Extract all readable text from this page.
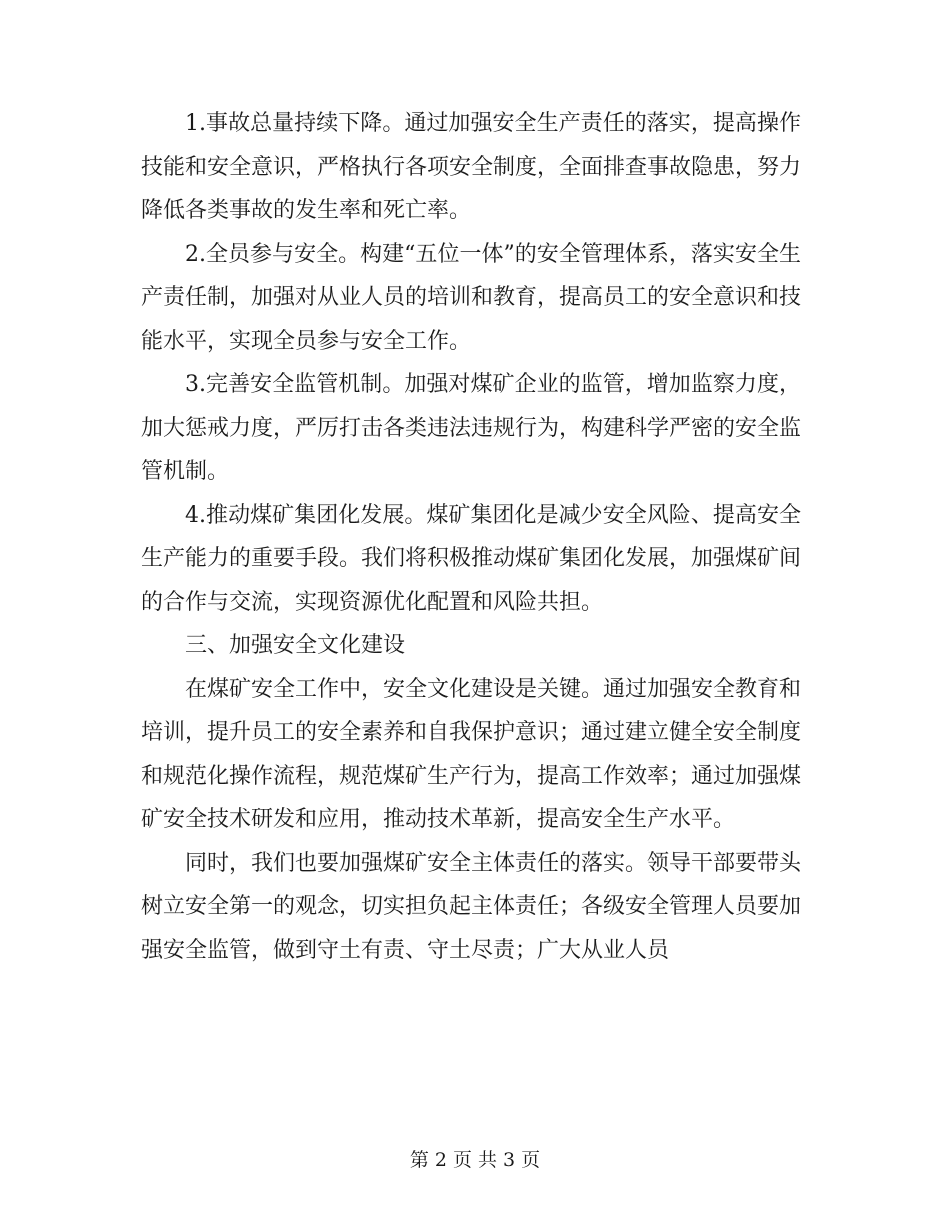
1.事故总量持续下降。通过加强安全生产责任的落实，提高操作技能和安全意识，严格执行各项安全制度，全面排查事故隐患，努力降低各类事故的发生率和死亡率。

2.全员参与安全。构建“五位一体”的安全管理体系，落实安全生产责任制，加强对从业人员的培训和教育，提高员工的安全意识和技能水平，实现全员参与安全工作。

3.完善安全监管机制。加强对煤矿企业的监管，增加监察力度，加大惩戒力度，严厉打击各类违法违规行为，构建科学严密的安全监管机制。

4.推动煤矿集团化发展。煤矿集团化是减少安全风险、提高安全生产能力的重要手段。我们将积极推动煤矿集团化发展，加强煤矿间的合作与交流，实现资源优化配置和风险共担。

三、加强安全文化建设

在煤矿安全工作中，安全文化建设是关键。通过加强安全教育和培训，提升员工的安全素养和自我保护意识；通过建立健全安全制度和规范化操作流程，规范煤矿生产行为，提高工作效率；通过加强煤矿安全技术研发和应用，推动技术革新，提高安全生产水平。

同时，我们也要加强煤矿安全主体责任的落实。领导干部要带头树立安全第一的观念，切实担负起主体责任；各级安全管理人员要加强安全监管，做到守土有责、守土尽责；广大从业人员

第 2 页 共 3 页
